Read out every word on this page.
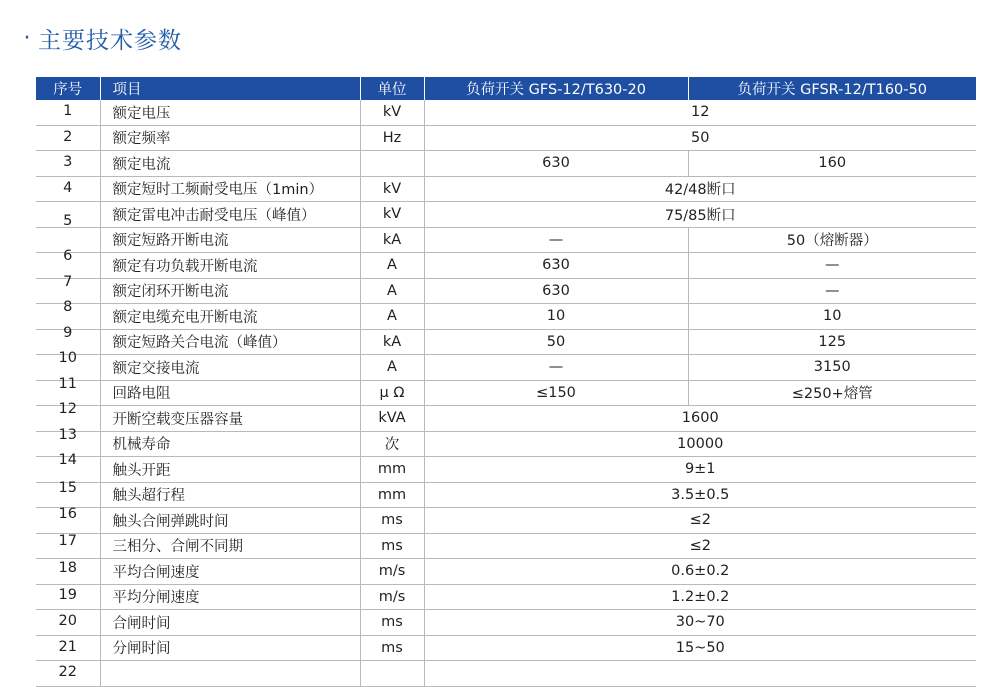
· 主要技术参数
序号	项目	单位	负荷开关 GFS-12/T630-20	负荷开关 GFSR-12/T160-50

1	额定电压	kV	12	

2	额定频率	Hz	50	

3	额定电流		630	160

4	额定短时工频耐受电压（1min）	kV	42/48断口	

5	额定雷电冲击耐受电压（峰值）	kV	75/85断口	

	额定短路开断电流	kA	—	50（熔断器）

6	额定有功负载开断电流	A	630	—

7	额定闭环开断电流	A	630	—

8	额定电缆充电开断电流	A	10	10

9	额定短路关合电流（峰值）	kA	50	125

10	额定交接电流	A	—	3150

11	回路电阻	μ Ω	≤150	≤250+熔管

12	开断空载变压器容量	kVA	1600	

13	机械寿命	次	10000	

14	触头开距	mm	9±1	

15	触头超行程	mm	3.5±0.5	

16	触头合闸弹跳时间	ms	≤2	

17	三相分、合闸不同期	ms	≤2	

18	平均合闸速度	m/s	0.6±0.2	

19	平均分闸速度	m/s	1.2±0.2	

20	合闸时间	ms	30~70	

21	分闸时间	ms	15~50	

22				
